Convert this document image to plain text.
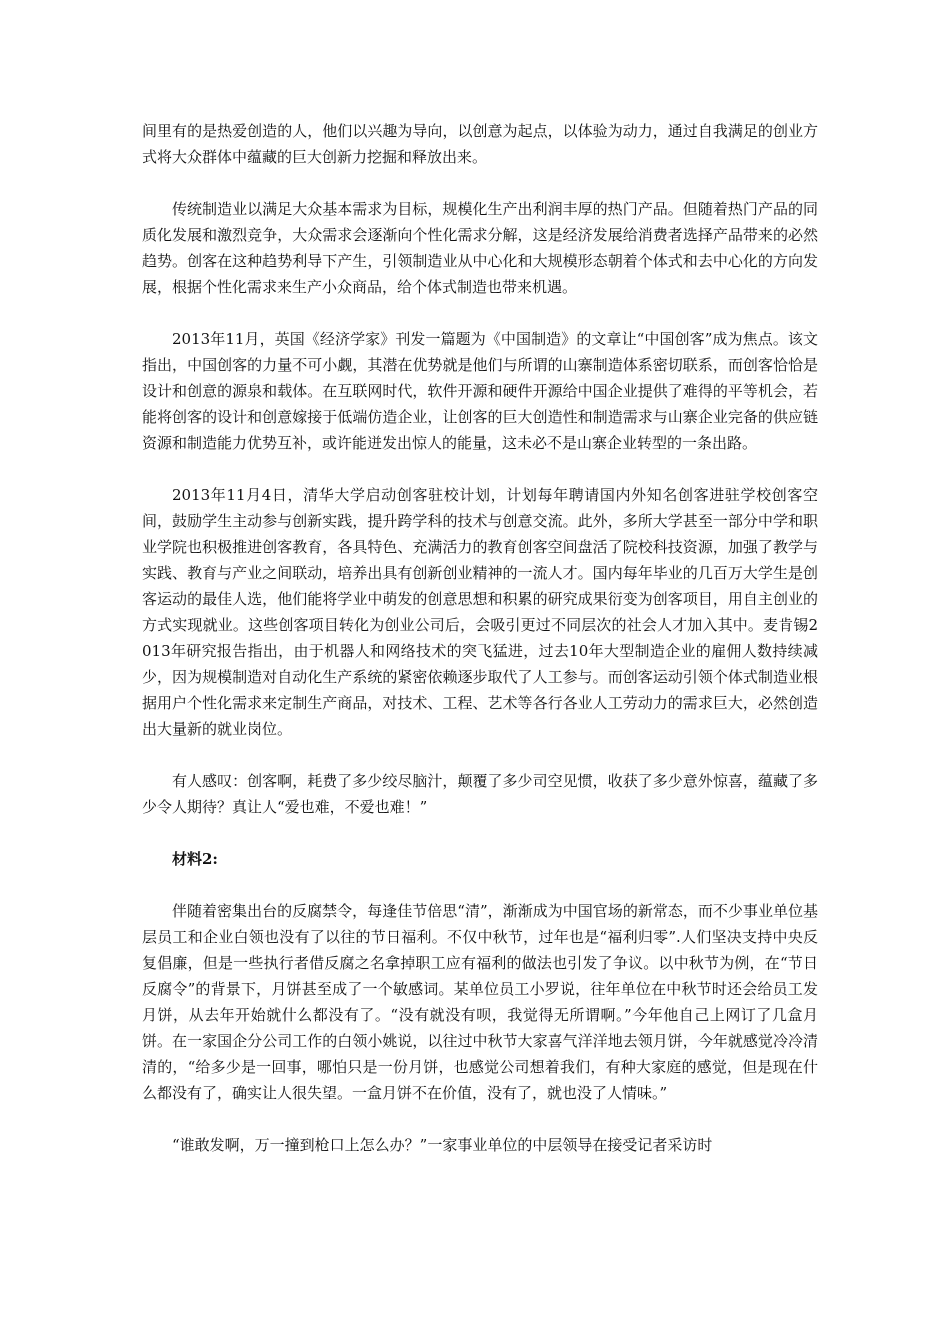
间里有的是热爱创造的人，他们以兴趣为导向，以创意为起点，以体验为动力，通过自我满足的创业方式将大众群体中蕴藏的巨大创新力挖掘和释放出来。

传统制造业以满足大众基本需求为目标，规模化生产出利润丰厚的热门产品。但随着热门产品的同质化发展和激烈竞争，大众需求会逐渐向个性化需求分解，这是经济发展给消费者选择产品带来的必然趋势。创客在这种趋势利导下产生，引领制造业从中心化和大规模形态朝着个体式和去中心化的方向发展，根据个性化需求来生产小众商品，给个体式制造也带来机遇。

2013年11月，英国《经济学家》刊发一篇题为《中国制造》的文章让“中国创客”成为焦点。该文指出，中国创客的力量不可小觑，其潜在优势就是他们与所谓的山寨制造体系密切联系，而创客恰恰是设计和创意的源泉和载体。在互联网时代，软件开源和硬件开源给中国企业提供了难得的平等机会，若能将创客的设计和创意嫁接于低端仿造企业，让创客的巨大创造性和制造需求与山寨企业完备的供应链资源和制造能力优势互补，或许能迸发出惊人的能量，这未必不是山寨企业转型的一条出路。

2013年11月4日，清华大学启动创客驻校计划，计划每年聘请国内外知名创客进驻学校创客空间，鼓励学生主动参与创新实践，提升跨学科的技术与创意交流。此外，多所大学甚至一部分中学和职业学院也积极推进创客教育，各具特色、充满活力的教育创客空间盘活了院校科技资源，加强了教学与实践、教育与产业之间联动，培养出具有创新创业精神的一流人才。国内每年毕业的几百万大学生是创客运动的最佳人选，他们能将学业中萌发的创意思想和积累的研究成果衍变为创客项目，用自主创业的方式实现就业。这些创客项目转化为创业公司后，会吸引更过不同层次的社会人才加入其中。麦肯锡2013年研究报告指出，由于机器人和网络技术的突飞猛进，过去10年大型制造企业的雇佣人数持续减少，因为规模制造对自动化生产系统的紧密依赖逐步取代了人工参与。而创客运动引领个体式制造业根据用户个性化需求来定制生产商品，对技术、工程、艺术等各行各业人工劳动力的需求巨大，必然创造出大量新的就业岗位。

有人感叹：创客啊，耗费了多少绞尽脑汁，颠覆了多少司空见惯，收获了多少意外惊喜，蕴藏了多少令人期待？真让人“爱也难，不爱也难！”

材料2:

伴随着密集出台的反腐禁令，每逢佳节倍思“清”，渐渐成为中国官场的新常态，而不少事业单位基层员工和企业白领也没有了以往的节日福利。不仅中秋节，过年也是“福利归零”.人们坚决支持中央反复倡廉，但是一些执行者借反腐之名拿掉职工应有福利的做法也引发了争议。以中秋节为例，在“节日反腐令”的背景下，月饼甚至成了一个敏感词。某单位员工小罗说，往年单位在中秋节时还会给员工发月饼，从去年开始就什么都没有了。“没有就没有呗，我觉得无所谓啊。”今年他自己上网订了几盒月饼。在一家国企分公司工作的白领小姚说，以往过中秋节大家喜气洋洋地去领月饼，今年就感觉冷冷清清的，“给多少是一回事，哪怕只是一份月饼，也感觉公司想着我们，有种大家庭的感觉，但是现在什么都没有了，确实让人很失望。一盒月饼不在价值，没有了，就也没了人情味。”

“谁敢发啊，万一撞到枪口上怎么办？”一家事业单位的中层领导在接受记者采访时
